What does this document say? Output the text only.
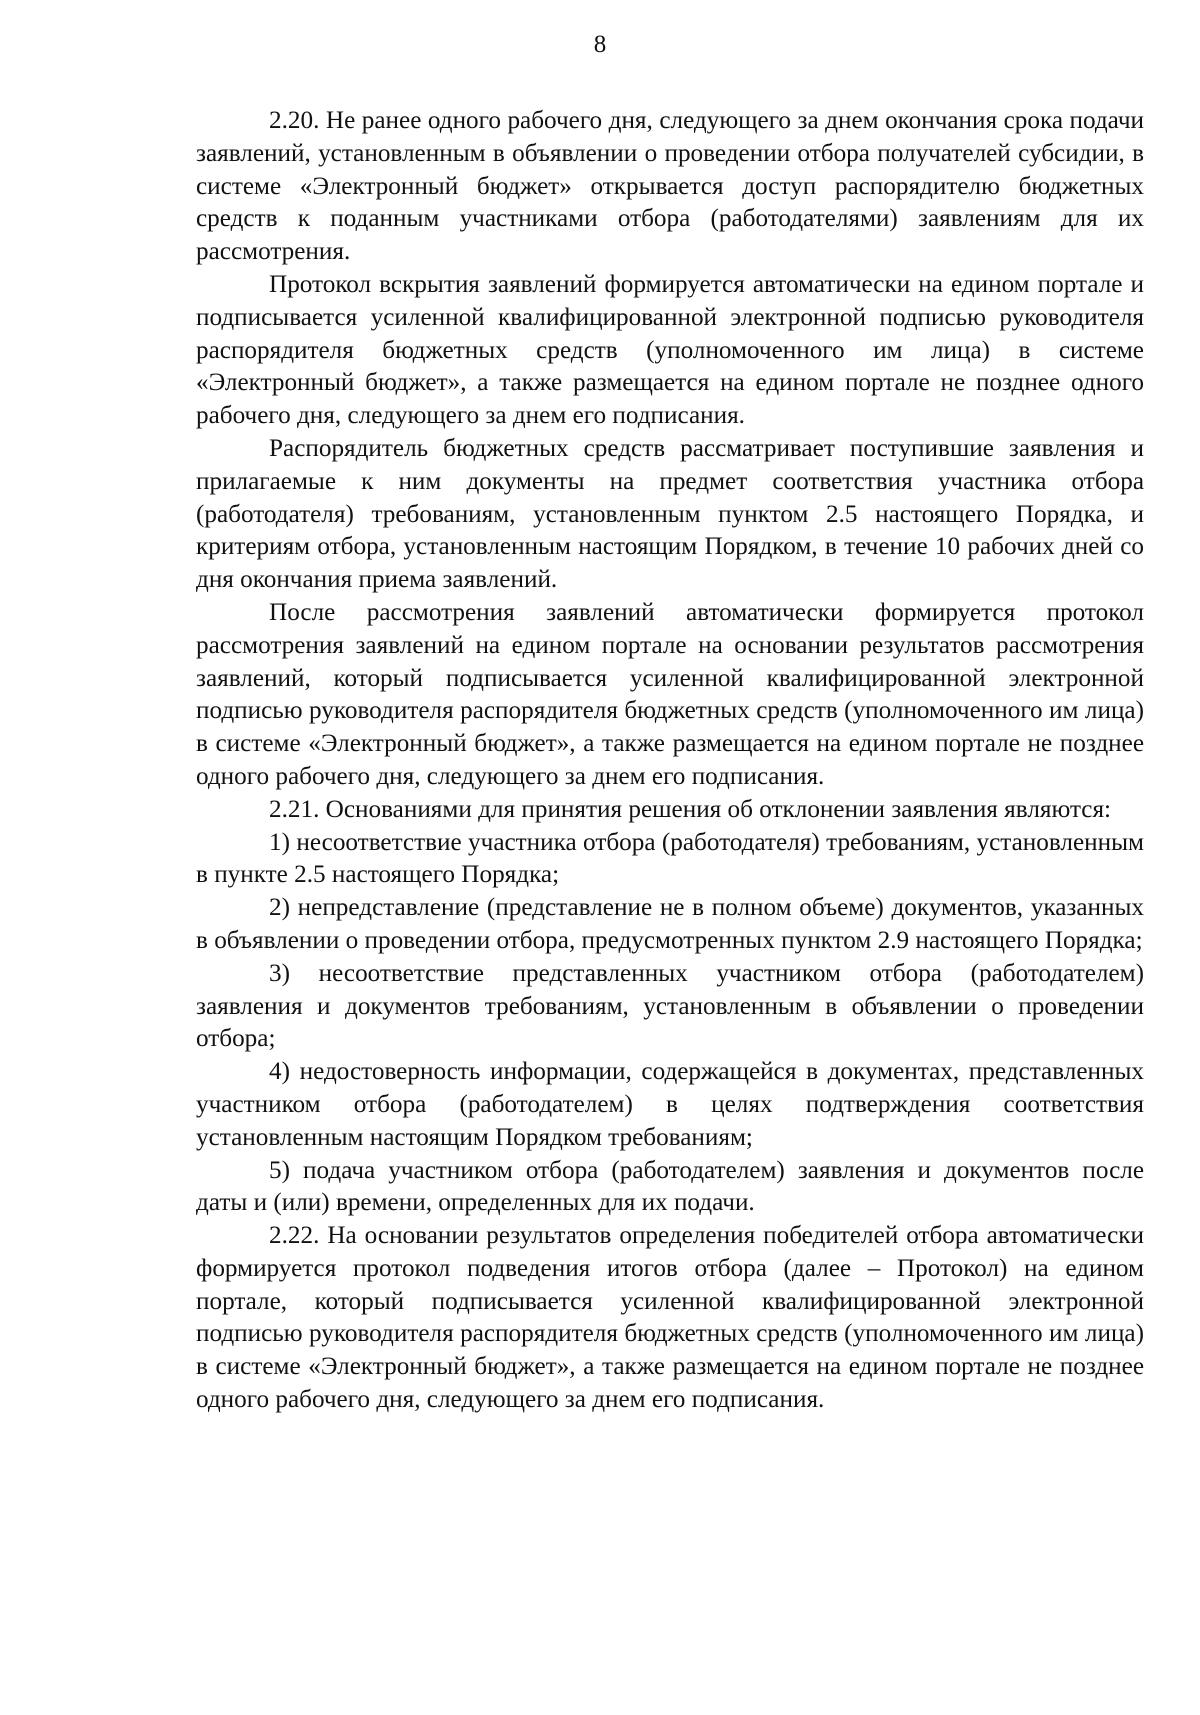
8

2.20. Не ранее одного рабочего дня, следующего за днем окончания срока подачи заявлений, установленным в объявлении о проведении отбора получателей субсидии, в системе «Электронный бюджет» открывается доступ распорядителю бюджетных средств к поданным участниками отбора (работодателями) заявлениям для их рассмотрения.

Протокол вскрытия заявлений формируется автоматически на едином портале и подписывается усиленной квалифицированной электронной подписью руководителя распорядителя бюджетных средств (уполномоченного им лица) в системе «Электронный бюджет», а также размещается на едином портале не позднее одного рабочего дня, следующего за днем его подписания.

Распорядитель бюджетных средств рассматривает поступившие заявления и прилагаемые к ним документы на предмет соответствия участника отбора (работодателя) требованиям, установленным пунктом 2.5 настоящего Порядка, и критериям отбора, установленным настоящим Порядком, в течение 10 рабочих дней со дня окончания приема заявлений.

После рассмотрения заявлений автоматически формируется протокол рассмотрения заявлений на едином портале на основании результатов рассмотрения заявлений, который подписывается усиленной квалифицированной электронной подписью руководителя распорядителя бюджетных средств (уполномоченного им лица) в системе «Электронный бюджет», а также размещается на едином портале не позднее одного рабочего дня, следующего за днем его подписания.

2.21. Основаниями для принятия решения об отклонении заявления являются:

1) несоответствие участника отбора (работодателя) требованиям, установленным в пункте 2.5 настоящего Порядка;

2) непредставление (представление не в полном объеме) документов, указанных в объявлении о проведении отбора, предусмотренных пунктом 2.9 настоящего Порядка;

3) несоответствие представленных участником отбора (работодателем) заявления и документов требованиям, установленным в объявлении о проведении отбора;

4) недостоверность информации, содержащейся в документах, представленных участником отбора (работодателем) в целях подтверждения соответствия установленным настоящим Порядком требованиям;

5) подача участником отбора (работодателем) заявления и документов после даты и (или) времени, определенных для их подачи.

2.22. На основании результатов определения победителей отбора автоматически формируется протокол подведения итогов отбора (далее – Протокол) на едином портале, который подписывается усиленной квалифицированной электронной подписью руководителя распорядителя бюджетных средств (уполномоченного им лица) в системе «Электронный бюджет», а также размещается на едином портале не позднее одного рабочего дня, следующего за днем его подписания.
